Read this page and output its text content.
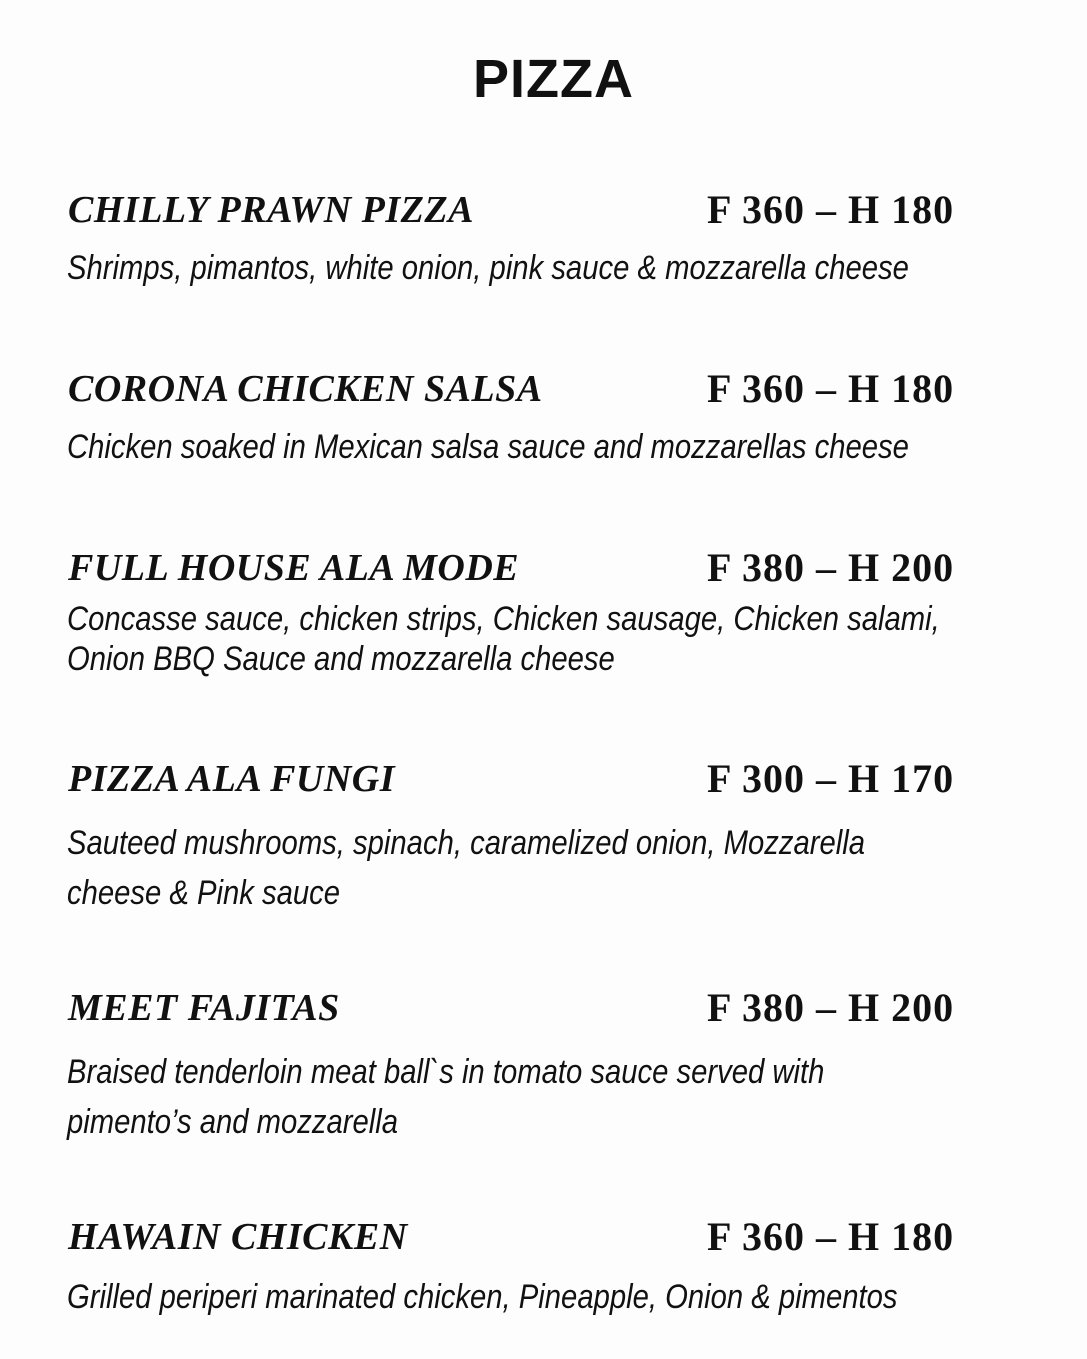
PIZZA
CHILLY PRAWN PIZZA	F 360 – H 180
Shrimps, pimantos, white onion, pink sauce & mozzarella cheese
CORONA CHICKEN SALSA	F 360 – H 180
Chicken soaked in Mexican salsa sauce and mozzarellas cheese
FULL HOUSE ALA MODE	F 380 – H 200
Concasse sauce, chicken strips, Chicken sausage, Chicken salami,
Onion BBQ Sauce and mozzarella cheese
PIZZA ALA FUNGI	F 300 – H 170
Sauteed mushrooms, spinach, caramelized onion, Mozzarella
cheese & Pink sauce
MEET FAJITAS	F 380 – H 200
Braised tenderloin meat ball`s in tomato sauce served with
pimento’s and mozzarella
HAWAIN CHICKEN	F 360 – H 180
Grilled periperi marinated chicken, Pineapple, Onion & pimentos
